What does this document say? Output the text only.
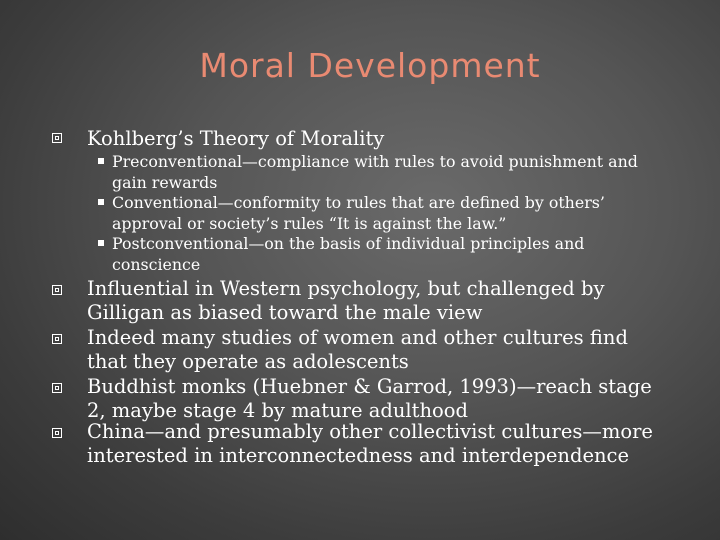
Moral Development
Kohlberg’s Theory of Morality
Preconventional—compliance with rules to avoid punishment and gain rewards
Conventional—conformity to rules that are defined by others’ approval or society’s rules “It is against the law.”
Postconventional—on the basis of individual principles and conscience
Influential in Western psychology, but challenged by Gilligan as biased toward the male view
Indeed many studies of women and other cultures find that they operate as adolescents
Buddhist monks (Huebner & Garrod, 1993)—reach stage 2, maybe stage 4 by mature adulthood
China—and presumably other collectivist cultures—more interested in interconnectedness and interdependence
